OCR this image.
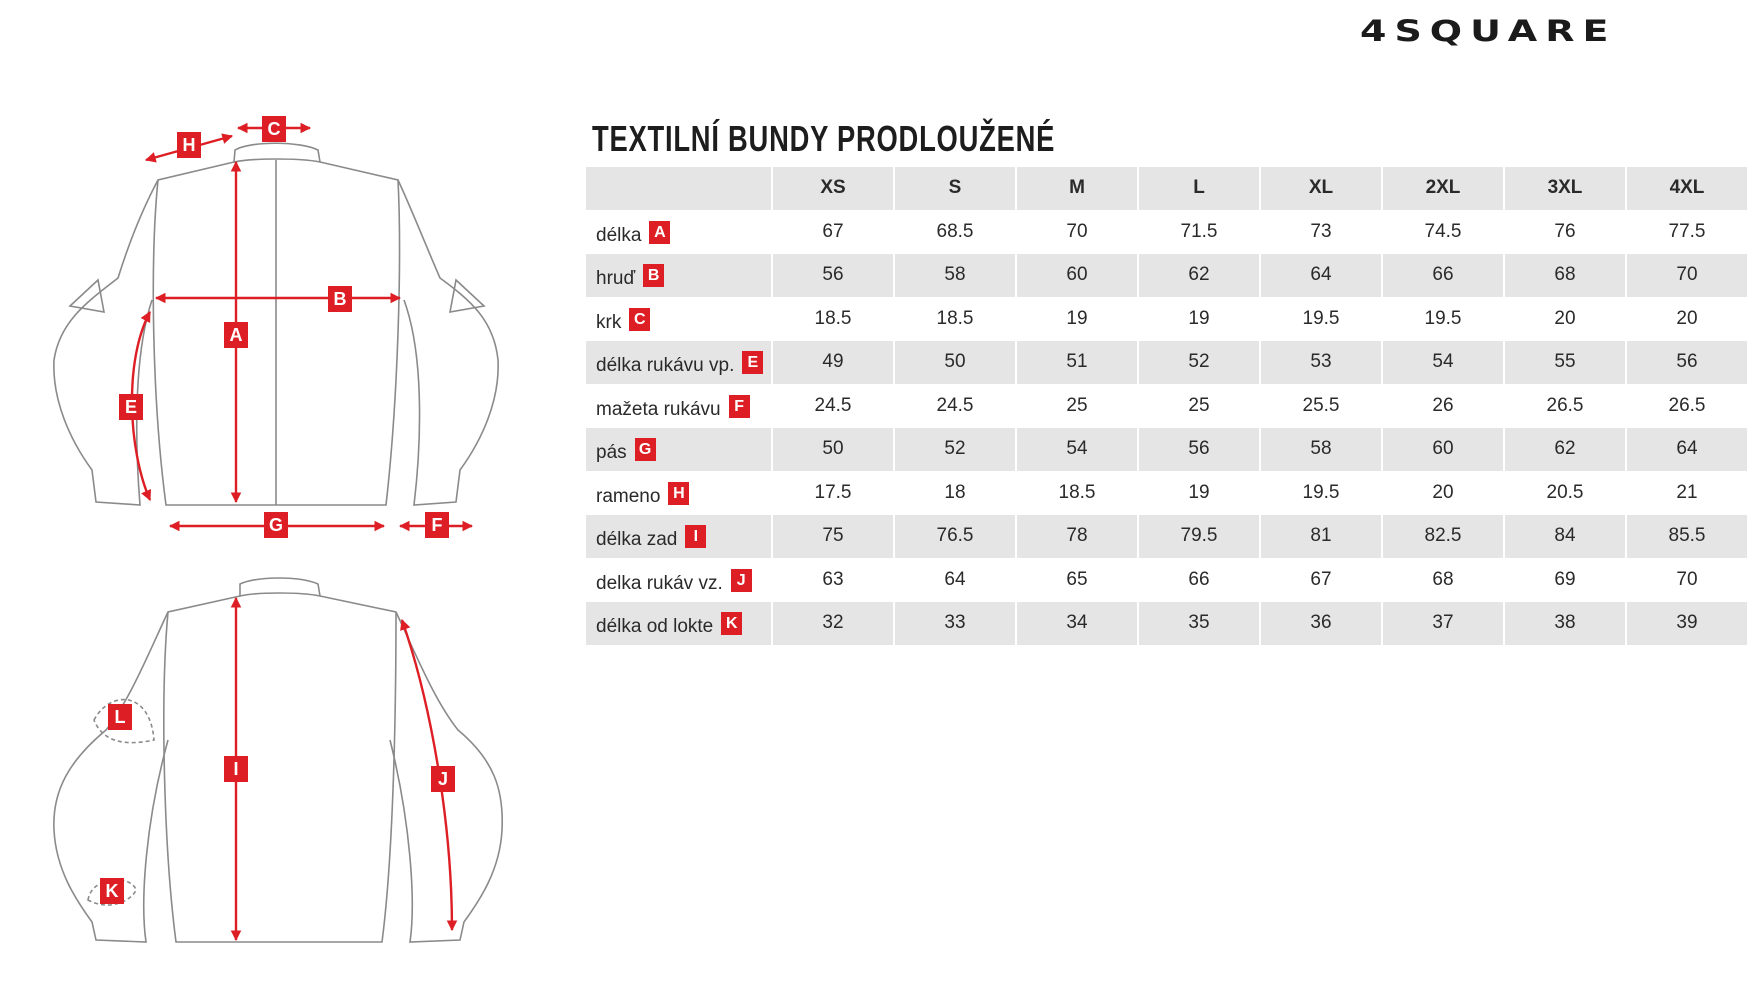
4SQUARE
TEXTILNÍ BUNDY PRODLOUŽENÉ
	XS	S	M	L	XL	2XL	3XL	4XL
délka A	67	68.5	70	71.5	73	74.5	76	77.5
hruď B	56	58	60	62	64	66	68	70
krk C	18.5	18.5	19	19	19.5	19.5	20	20
délka rukávu vp. E	49	50	51	52	53	54	55	56
mažeta rukávu F	24.5	24.5	25	25	25.5	26	26.5	26.5
pás G	50	52	54	56	58	60	62	64
rameno H	17.5	18	18.5	19	19.5	20	20.5	21
délka zad I	75	76.5	78	79.5	81	82.5	84	85.5
delka rukáv vz. J	63	64	65	66	67	68	69	70
délka od lokte K	32	33	34	35	36	37	38	39
A
B
C
H
E
G	F
I	J
L
K
